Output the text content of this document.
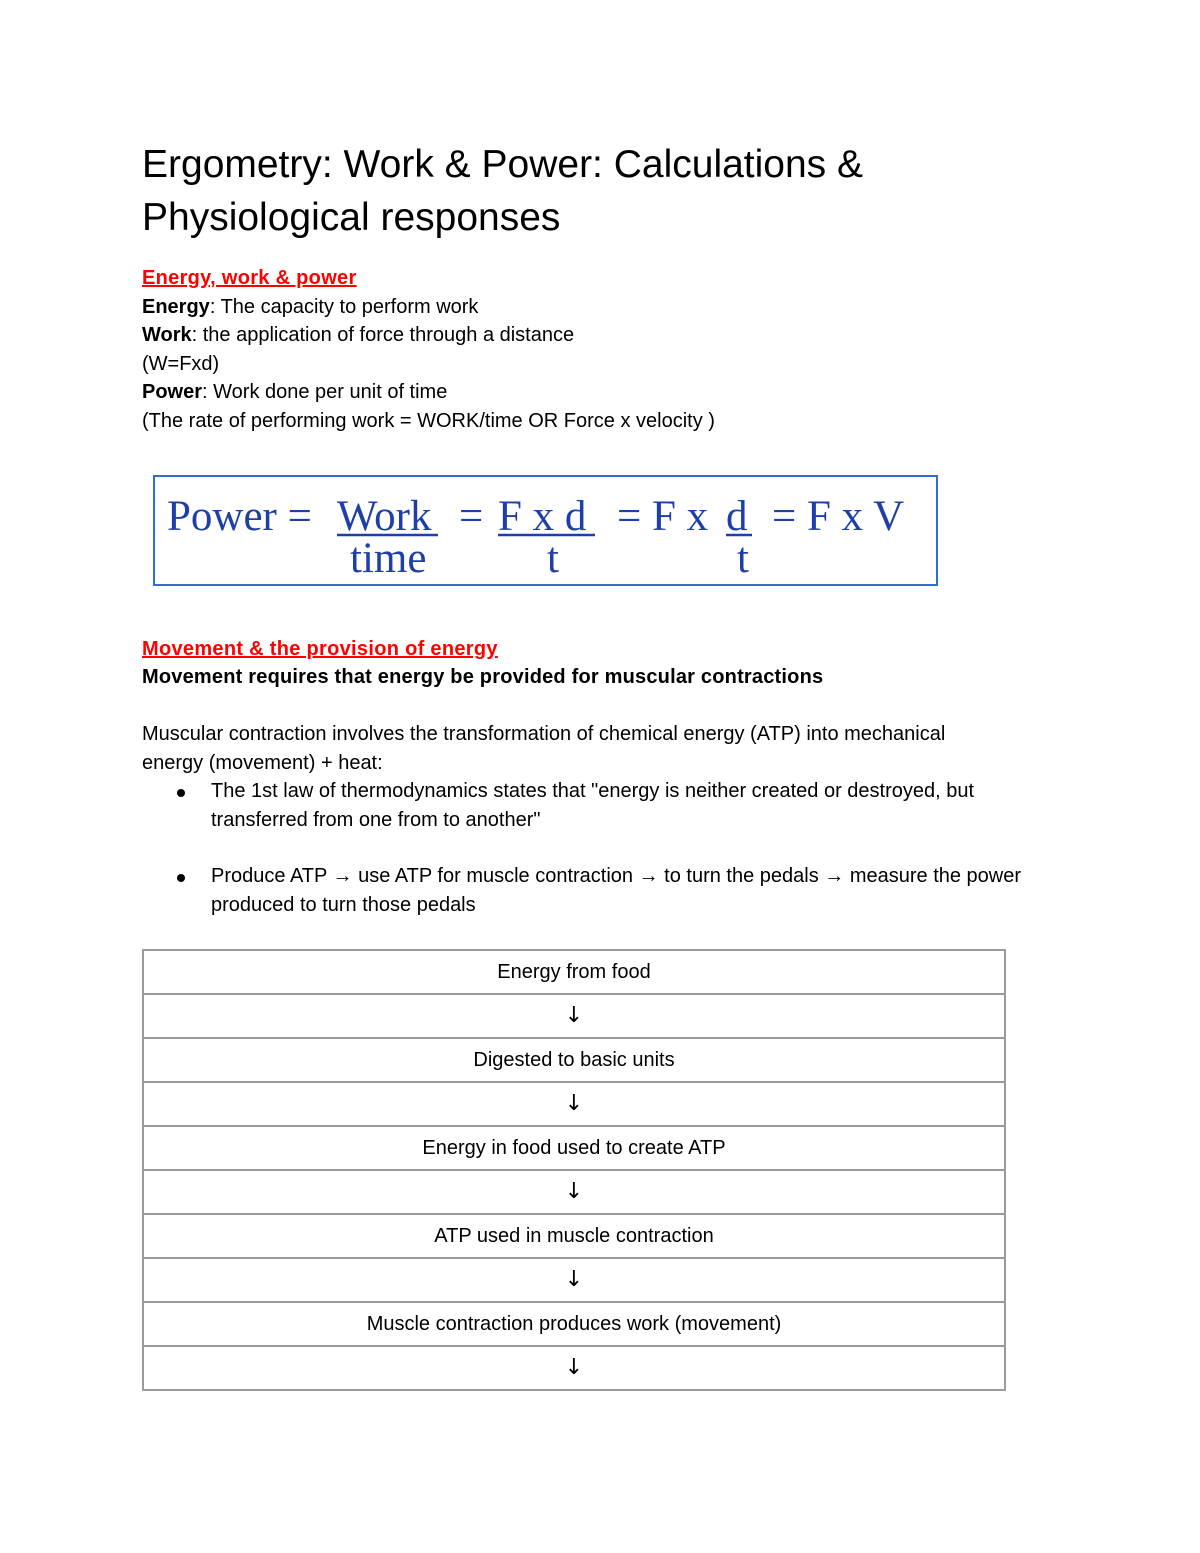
Ergometry: Work & Power: Calculations & Physiological responses
Energy, work & power
Energy: The capacity to perform work
Work: the application of force through a distance
(W=Fxd)
Power: Work done per unit of time
(The rate of performing work = WORK/time OR Force x velocity )
Power = Work
time
= F x d
t
= F x d
t
= F x V
Movement & the provision of energy
Movement requires that energy be provided for muscular contractions
Muscular contraction involves the transformation of chemical energy (ATP) into mechanical
energy (movement) + heat:
The 1st law of thermodynamics states that "energy is neither created or destroyed, but transferred from one from to another"
Produce ATP → use ATP for muscle contraction → to turn the pedals → measure the power produced to turn those pedals
Energy from food
↓
Digested to basic units
↓
Energy in food used to create ATP
↓
ATP used in muscle contraction
↓
Muscle contraction produces work (movement)
↓
